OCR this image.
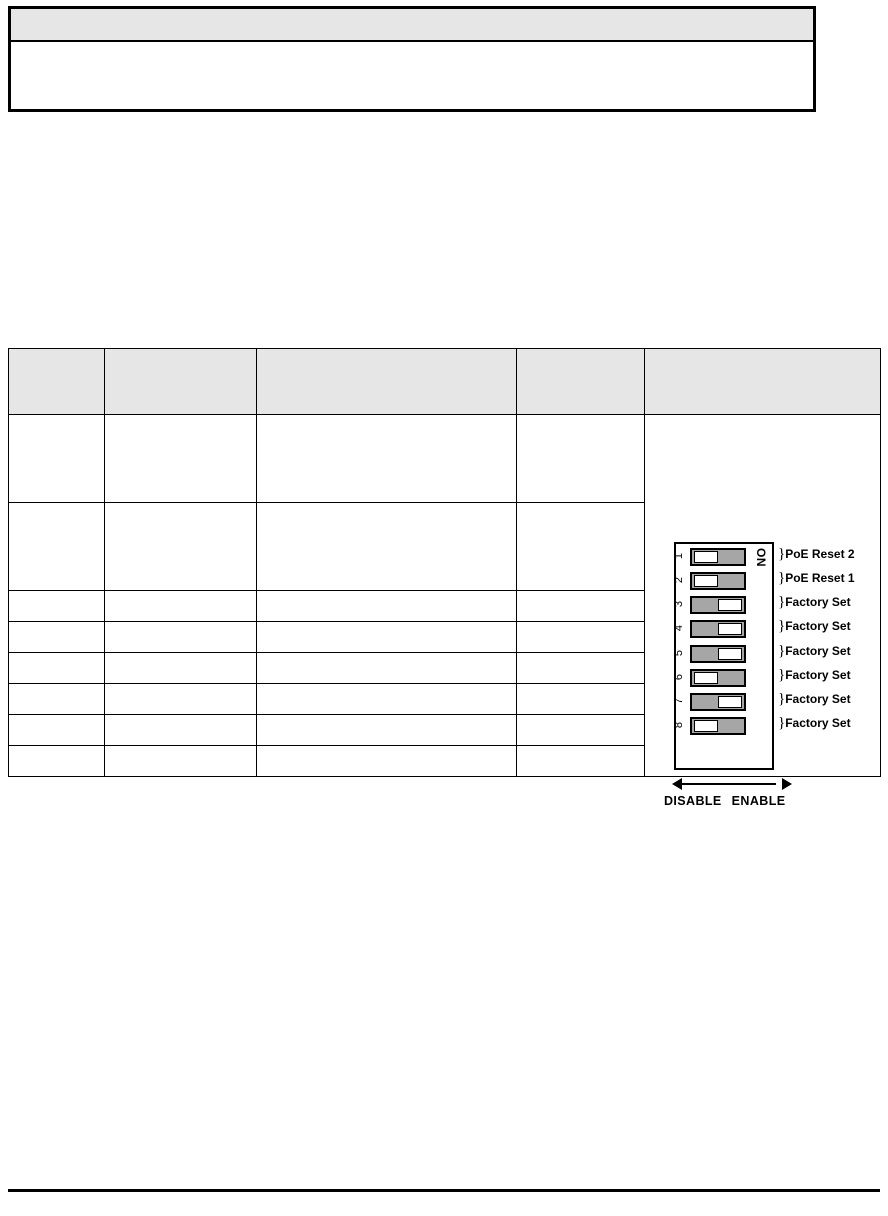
ON
1	}PoE Reset 2
2	}PoE Reset 1
3	}Factory Set
4	}Factory Set
5	}Factory Set
6	}Factory Set
7	}Factory Set
8	}Factory Set
DISABLE ENABLE
